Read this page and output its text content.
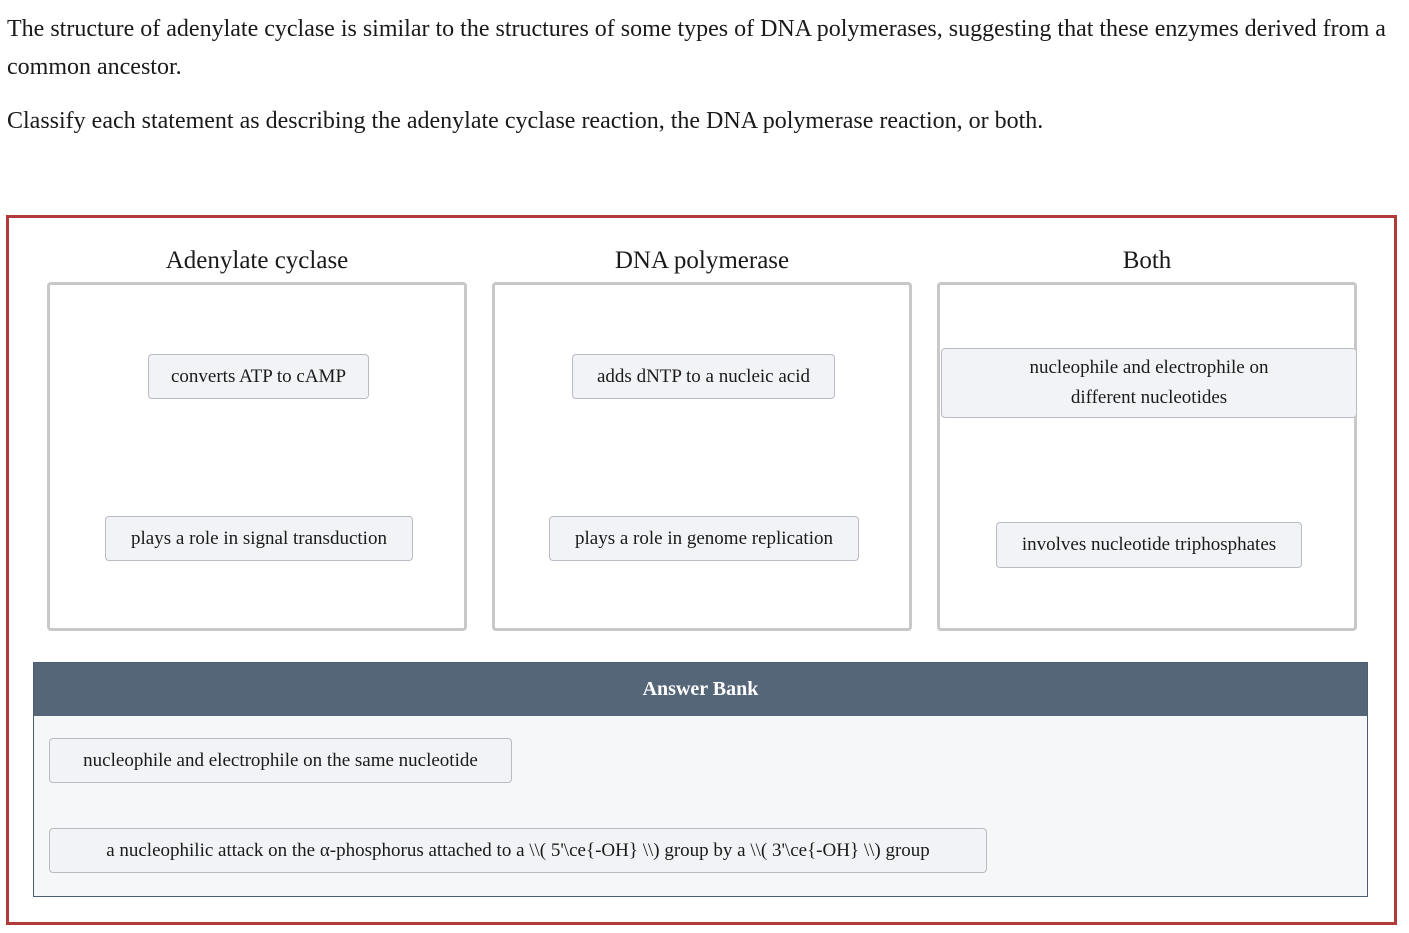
The structure of adenylate cyclase is similar to the structures of some types of DNA polymerases, suggesting that these enzymes derived from a common ancestor.

Classify each statement as describing the adenylate cyclase reaction, the DNA polymerase reaction, or both.

Adenylate cyclase
converts ATP to cAMP
plays a role in signal transduction
DNA polymerase
adds dNTP to a nucleic acid
plays a role in genome replication
Both
nucleophile and electrophile on different nucleotides
involves nucleotide triphosphates
Answer Bank
nucleophile and electrophile on the same nucleotide
a nucleophilic attack on the α-phosphorus attached to a \\( 5'\ce{-OH} \\) group by a \\( 3'\ce{-OH} \\) group
